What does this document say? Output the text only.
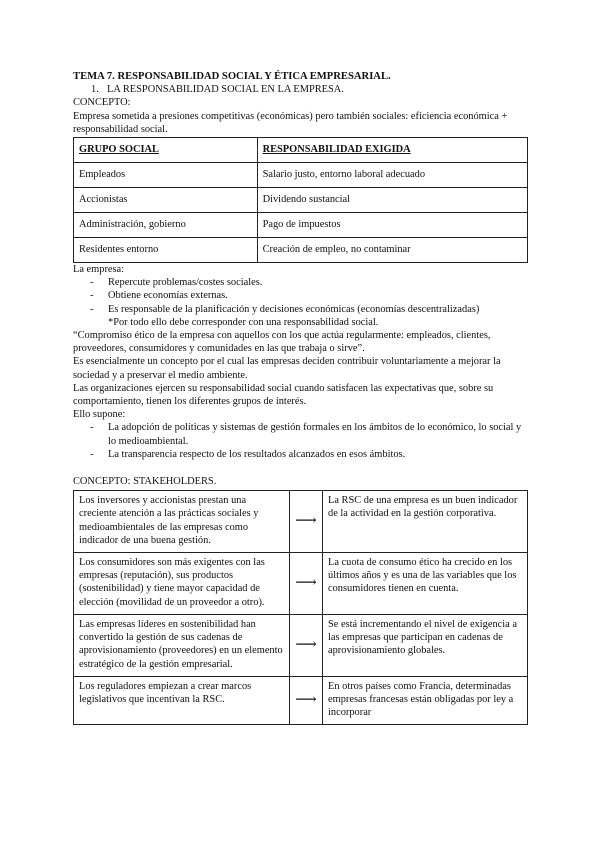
TEMA 7. RESPONSABILIDAD SOCIAL Y ÉTICA EMPRESARIAL.

1. LA RESPONSABILIDAD SOCIAL EN LA EMPRESA.

CONCEPTO:

Empresa sometida a presiones competitivas (económicas) pero también sociales: eficiencia económica + responsabilidad social.

GRUPO SOCIAL	RESPONSABILIDAD EXIGIDA
Empleados	Salario justo, entorno laboral adecuado
Accionistas	Dividendo sustancial
Administración, gobierno	Pago de impuestos
Residentes entorno	Creación de empleo, no contaminar

La empresa:

- Repercute problemas/costes sociales.
- Obtiene economías externas.
- Es responsable de la planificación y decisiones económicas (economías descentralizadas)

*Por todo ello debe corresponder con una responsabilidad social.

“Compromiso ético de la empresa con aquellos con los que actúa regularmente: empleados, clientes, proveedores, consumidores y comunidades en las que trabaja o sirve”.

Es esencialmente un concepto por el cual las empresas deciden contribuir voluntariamente a mejorar la sociedad y a preservar el medio ambiente.

Las organizaciones ejercen su responsabilidad social cuando satisfacen las expectativas que, sobre su comportamiento, tienen los diferentes grupos de interés.

Ello supone:

- La adopción de políticas y sistemas de gestión formales en los ámbitos de lo económico, lo social y lo medioambiental.
- La transparencia respecto de los resultados alcanzados en esos ámbitos.

CONCEPTO: STAKEHOLDERS.

Los inversores y accionistas prestan una creciente atención a las prácticas sociales y medioambientales de las empresas como indicador de una buena gestión.	⟶	La RSC de una empresa es un buen indicador de la actividad en la gestión corporativa.
Los consumidores son más exigentes con las empresas (reputación), sus productos (sostenibilidad) y tiene mayor capacidad de elección (movilidad de un proveedor a otro).	⟶	La cuota de consumo ético ha crecido en los últimos años y es una de las variables que los consumidores tienen en cuenta.
Las empresas líderes en sostenibilidad han convertido la gestión de sus cadenas de aprovisionamiento (proveedores) en un elemento estratégico de la gestión empresarial.	⟶	Se está incrementando el nivel de exigencia a las empresas que participan en cadenas de aprovisionamiento globales.
Los reguladores empiezan a crear marcos legislativos que incentivan la RSC.	⟶	En otros países como Francia, determinadas empresas francesas están obligadas por ley a incorporar
